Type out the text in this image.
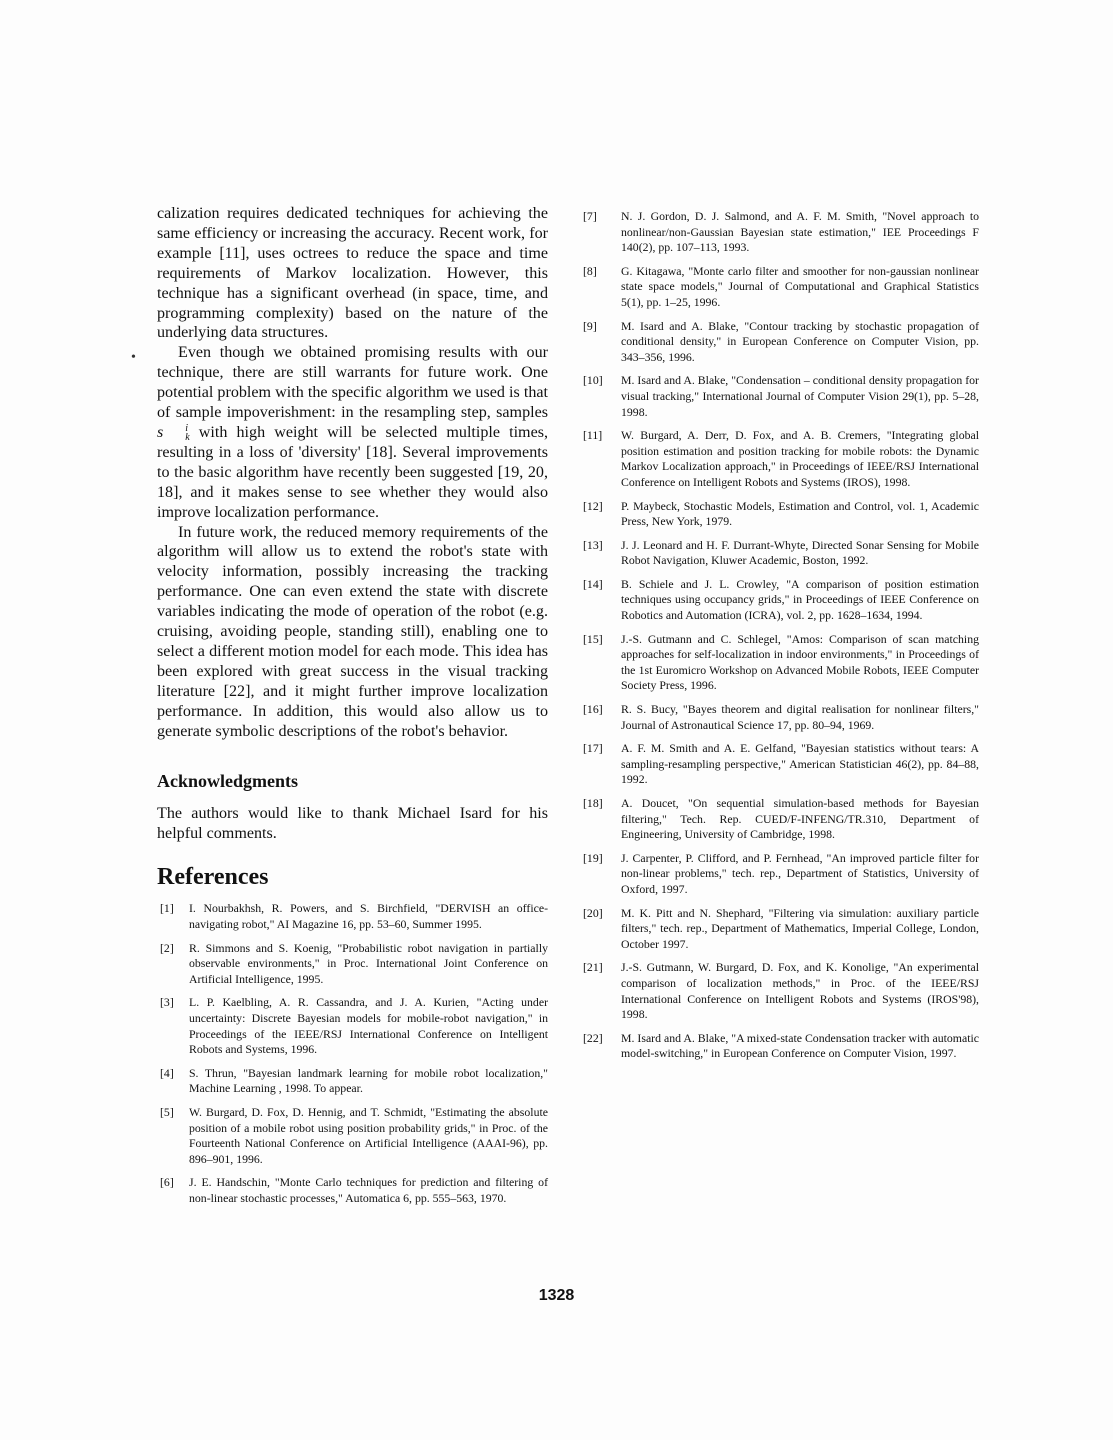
•

calization requires dedicated techniques for achieving the same efficiency or increasing the accuracy. Recent work, for example [11], uses octrees to reduce the space and time requirements of Markov localization. However, this technique has a significant overhead (in space, time, and programming complexity) based on the nature of the underlying data structures.

Even though we obtained promising results with our technique, there are still warrants for future work. One potential problem with the specific algorithm we used is that of sample impoverishment: in the resampling step, samples s	i
k with high weight will be selected multiple times, resulting in a loss of 'diversity' [18]. Several improvements to the basic algorithm have recently been suggested [19, 20, 18], and it makes sense to see whether they would also improve localization performance.

In future work, the reduced memory requirements of the algorithm will allow us to extend the robot's state with velocity information, possibly increasing the tracking performance. One can even extend the state with discrete variables indicating the mode of operation of the robot (e.g. cruising, avoiding people, standing still), enabling one to select a different motion model for each mode. This idea has been explored with great success in the visual tracking literature [22], and it might further improve localization performance. In addition, this would also allow us to generate symbolic descriptions of the robot's behavior.

Acknowledgments

The authors would like to thank Michael Isard for his helpful comments.

References
[1]	I. Nourbakhsh, R. Powers, and S. Birchfield, "DERVISH an office-navigating robot," AI Magazine 16, pp. 53–60, Summer 1995.
[2]	R. Simmons and S. Koenig, "Probabilistic robot navigation in partially observable environments," in Proc. International Joint Conference on Artificial Intelligence, 1995.
[3]	L. P. Kaelbling, A. R. Cassandra, and J. A. Kurien, "Acting under uncertainty: Discrete Bayesian models for mobile-robot navigation," in Proceedings of the IEEE/RSJ International Conference on Intelligent Robots and Systems, 1996.
[4]	S. Thrun, "Bayesian landmark learning for mobile robot localization," Machine Learning , 1998. To appear.
[5]	W. Burgard, D. Fox, D. Hennig, and T. Schmidt, "Estimating the absolute position of a mobile robot using position probability grids," in Proc. of the Fourteenth National Conference on Artificial Intelligence (AAAI-96), pp. 896–901, 1996.
[6]	J. E. Handschin, "Monte Carlo techniques for prediction and filtering of non-linear stochastic processes," Automatica 6, pp. 555–563, 1970.
[7]	N. J. Gordon, D. J. Salmond, and A. F. M. Smith, "Novel approach to nonlinear/non-Gaussian Bayesian state estimation," IEE Proceedings F 140(2), pp. 107–113, 1993.
[8]	G. Kitagawa, "Monte carlo filter and smoother for non-gaussian nonlinear state space models," Journal of Computational and Graphical Statistics 5(1), pp. 1–25, 1996.
[9]	M. Isard and A. Blake, "Contour tracking by stochastic propagation of conditional density," in European Conference on Computer Vision, pp. 343–356, 1996.
[10]	M. Isard and A. Blake, "Condensation – conditional density propagation for visual tracking," International Journal of Computer Vision 29(1), pp. 5–28, 1998.
[11]	W. Burgard, A. Derr, D. Fox, and A. B. Cremers, "Integrating global position estimation and position tracking for mobile robots: the Dynamic Markov Localization approach," in Proceedings of IEEE/RSJ International Conference on Intelligent Robots and Systems (IROS), 1998.
[12]	P. Maybeck, Stochastic Models, Estimation and Control, vol. 1, Academic Press, New York, 1979.
[13]	J. J. Leonard and H. F. Durrant-Whyte, Directed Sonar Sensing for Mobile Robot Navigation, Kluwer Academic, Boston, 1992.
[14]	B. Schiele and J. L. Crowley, "A comparison of position estimation techniques using occupancy grids," in Proceedings of IEEE Conference on Robotics and Automation (ICRA), vol. 2, pp. 1628–1634, 1994.
[15]	J.-S. Gutmann and C. Schlegel, "Amos: Comparison of scan matching approaches for self-localization in indoor environments," in Proceedings of the 1st Euromicro Workshop on Advanced Mobile Robots, IEEE Computer Society Press, 1996.
[16]	R. S. Bucy, "Bayes theorem and digital realisation for nonlinear filters," Journal of Astronautical Science 17, pp. 80–94, 1969.
[17]	A. F. M. Smith and A. E. Gelfand, "Bayesian statistics without tears: A sampling-resampling perspective," American Statistician 46(2), pp. 84–88, 1992.
[18]	A. Doucet, "On sequential simulation-based methods for Bayesian filtering," Tech. Rep. CUED/F-INFENG/TR.310, Department of Engineering, University of Cambridge, 1998.
[19]	J. Carpenter, P. Clifford, and P. Fernhead, "An improved particle filter for non-linear problems," tech. rep., Department of Statistics, University of Oxford, 1997.
[20]	M. K. Pitt and N. Shephard, "Filtering via simulation: auxiliary particle filters," tech. rep., Department of Mathematics, Imperial College, London, October 1997.
[21]	J.-S. Gutmann, W. Burgard, D. Fox, and K. Konolige, "An experimental comparison of localization methods," in Proc. of the IEEE/RSJ International Conference on Intelligent Robots and Systems (IROS'98), 1998.
[22]	M. Isard and A. Blake, "A mixed-state Condensation tracker with automatic model-switching," in European Conference on Computer Vision, 1997.
1328
